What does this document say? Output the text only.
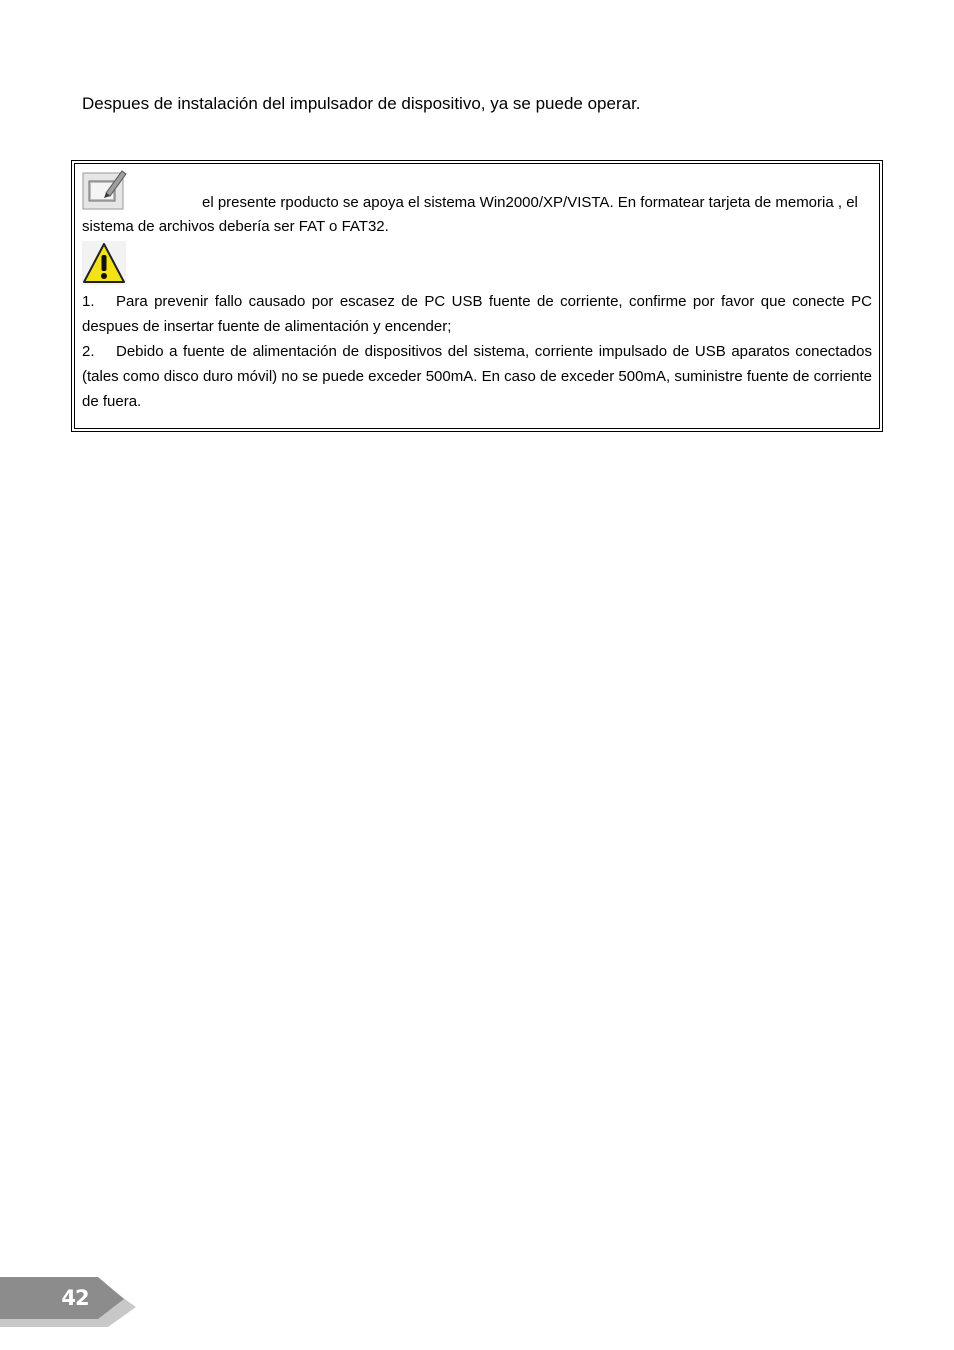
Despues de instalación del impulsador de dispositivo, ya se puede operar.

el presente rpoducto se apoya el sistema Win2000/XP/VISTA. En formatear tarjeta de memoria , el sistema de archivos debería ser FAT o FAT32.

1. Para prevenir fallo causado por escasez de PC USB fuente de corriente, confirme por favor que conecte PC despues de insertar fuente de alimentación y encender;
2. Debido a fuente de alimentación de dispositivos del sistema, corriente impulsado de USB aparatos conectados (tales como disco duro móvil) no se puede exceder 500mA. En caso de exceder 500mA, suministre fuente de corriente de fuera.
42
